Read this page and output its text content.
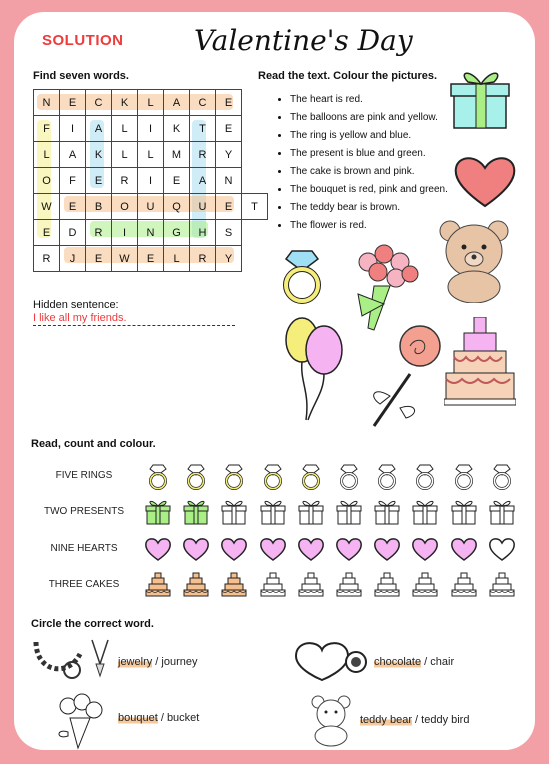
SOLUTION	Valentine's Day
Find seven words.
N	E	C	K	L	A	C	E	
F	I	A	L	I	K	T	E	
L	A	K	L	L	M	R	Y	
O	F	E	R	I	E	A	N	
W	E	B	O	U	Q	U	E	T
E	D	R	I	N	G	H	S	
R	J	E	W	E	L	R	Y	
Hidden sentence:
I like all my friends.
Read the text. Colour the pictures.
• The heart is red.
• The balloons are pink and yellow.
• The ring is yellow and blue.
• The present is blue and green.
• The cake is brown and pink.
• The bouquet is red, pink and green.
• The teddy bear is brown.
• The flower is red.
Read, count and colour.
FIVE RINGS
TWO PRESENTS
NINE HEARTS
THREE CAKES
Circle the correct word.
jewelry / journey	chocolate / chair
bouquet / bucket	teddy bear / teddy bird
